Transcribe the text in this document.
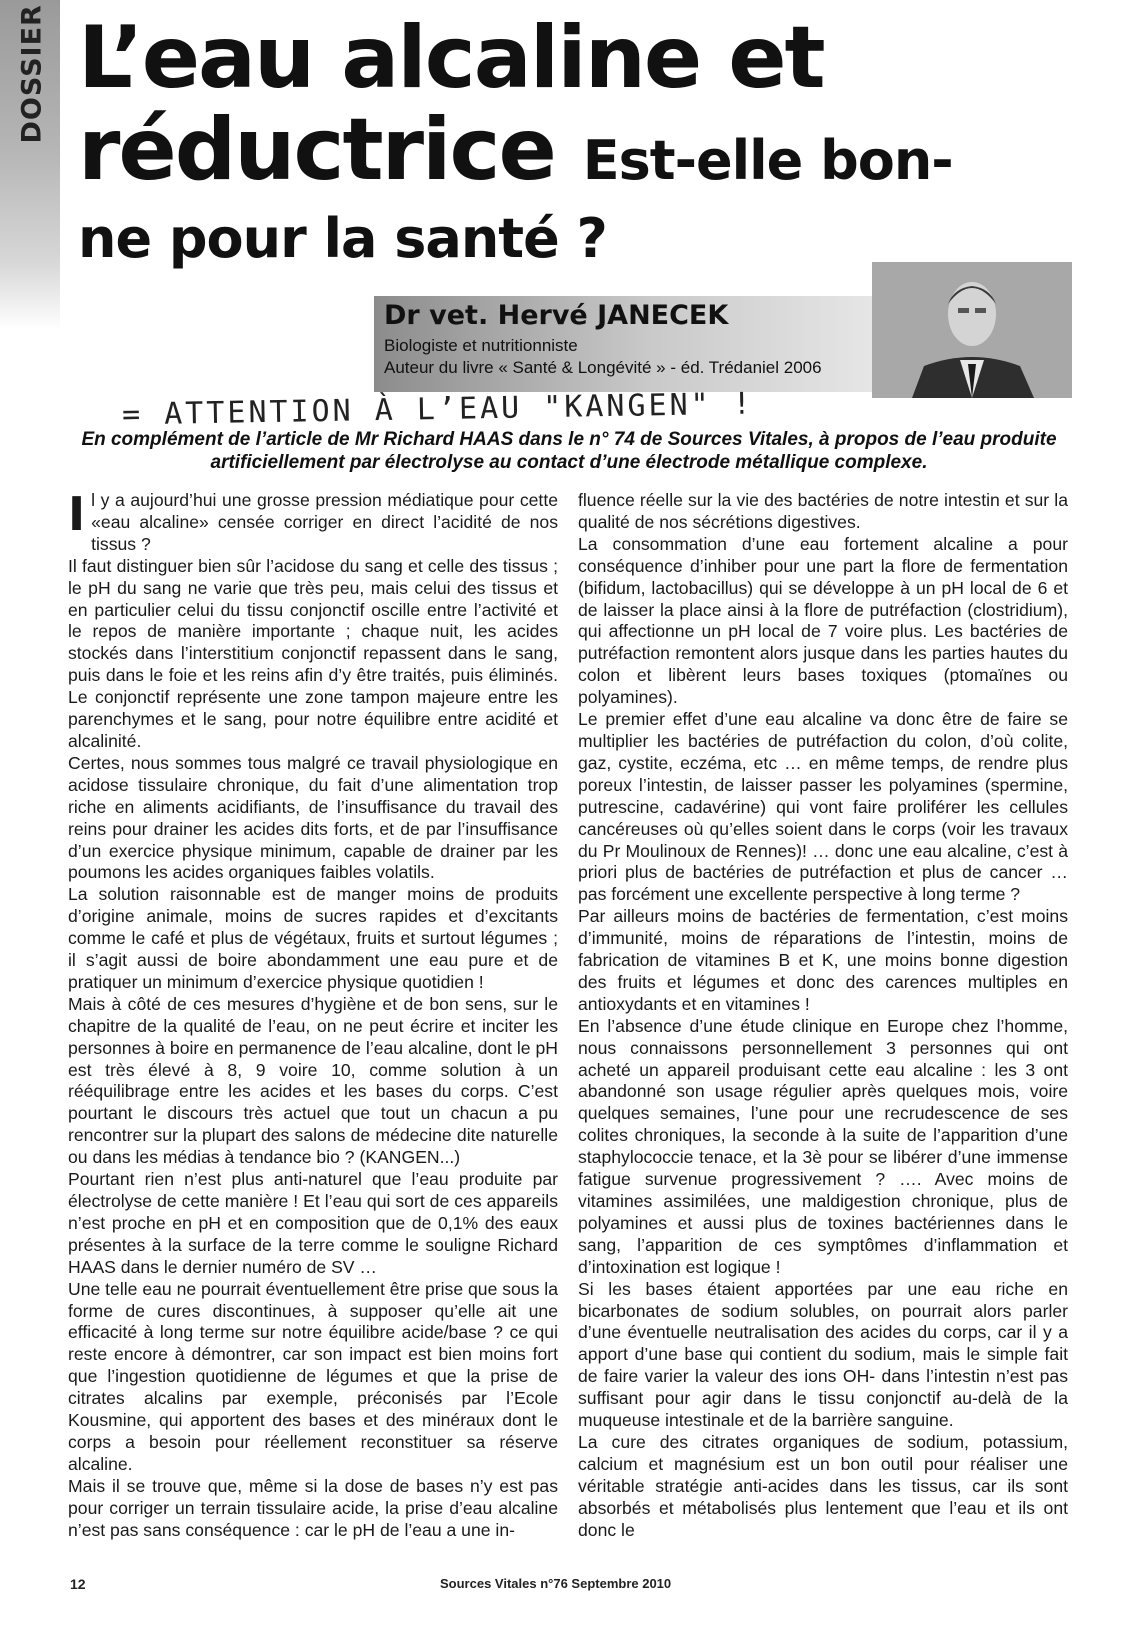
DOSSIER L’eau alcaline et
réductrice Est-elle bon-
ne pour la santé ?
Dr vet. Hervé JANECEK
Biologiste et nutritionniste
Auteur du livre « Santé & Longévité » - éd. Trédaniel 2006
= ATTENTION À L’EAU "KANGEN" !
En complément de l’article de Mr Richard HAAS dans le n° 74 de Sources Vitales, à propos de l’eau produite artificiellement par électrolyse au contact d’une électrode métallique complexe.

Il y a aujourd’hui une grosse pression médiatique pour cette «eau alcaline» censée corriger en direct l’acidité de nos tissus ?

Il faut distinguer bien sûr l’acidose du sang et celle des tissus ; le pH du sang ne varie que très peu, mais celui des tissus et en particulier celui du tissu conjonctif oscille entre l’activité et le repos de manière importante ; chaque nuit, les acides stockés dans l’interstitium conjonctif repassent dans le sang, puis dans le foie et les reins afin d’y être traités, puis éliminés. Le conjonctif représente une zone tampon majeure entre les parenchymes et le sang, pour notre équilibre entre acidité et alcalinité.

Certes, nous sommes tous malgré ce travail physiologique en acidose tissulaire chronique, du fait d’une alimentation trop riche en aliments acidifiants, de l’insuffisance du travail des reins pour drainer les acides dits forts, et de par l’insuffisance d’un exercice physique minimum, capable de drainer par les poumons les acides organiques faibles volatils.

La solution raisonnable est de manger moins de produits d’origine animale, moins de sucres rapides et d’excitants comme le café et plus de végétaux, fruits et surtout légumes ; il s’agit aussi de boire abondamment une eau pure et de pratiquer un minimum d’exercice physique quotidien !

Mais à côté de ces mesures d’hygiène et de bon sens, sur le chapitre de la qualité de l’eau, on ne peut écrire et inciter les personnes à boire en permanence de l’eau alcaline, dont le pH est très élevé à 8, 9 voire 10, comme solution à un rééquilibrage entre les acides et les bases du corps. C’est pourtant le discours très actuel que tout un chacun a pu rencontrer sur la plupart des salons de médecine dite naturelle ou dans les médias à tendance bio ? (KANGEN...)

Pourtant rien n’est plus anti-naturel que l’eau produite par électrolyse de cette manière ! Et l’eau qui sort de ces appareils n’est proche en pH et en composition que de 0,1% des eaux présentes à la surface de la terre comme le souligne Richard HAAS dans le dernier numéro de SV …

Une telle eau ne pourrait éventuellement être prise que sous la forme de cures discontinues, à supposer qu’elle ait une efficacité à long terme sur notre équilibre acide/base ? ce qui reste encore à démontrer, car son impact est bien moins fort que l’ingestion quotidienne de légumes et que la prise de citrates alcalins par exemple, préconisés par l’Ecole Kousmine, qui apportent des bases et des minéraux dont le corps a besoin pour réellement reconstituer sa réserve alcaline.

Mais il se trouve que, même si la dose de bases n’y est pas pour corriger un terrain tissulaire acide, la prise d’eau alcaline n’est pas sans conséquence : car le pH de l’eau a une in-

fluence réelle sur la vie des bactéries de notre intestin et sur la qualité de nos sécrétions digestives.

La consommation d’une eau fortement alcaline a pour conséquence d’inhiber pour une part la flore de fermentation (bifidum, lactobacillus) qui se développe à un pH local de 6 et de laisser la place ainsi à la flore de putréfaction (clostridium), qui affectionne un pH local de 7 voire plus. Les bactéries de putréfaction remontent alors jusque dans les parties hautes du colon et libèrent leurs bases toxiques (ptomaïnes ou polyamines).

Le premier effet d’une eau alcaline va donc être de faire se multiplier les bactéries de putréfaction du colon, d’où colite, gaz, cystite, eczéma, etc … en même temps, de rendre plus poreux l’intestin, de laisser passer les polyamines (spermine, putrescine, cadavérine) qui vont faire proliférer les cellules cancéreuses où qu’elles soient dans le corps (voir les travaux du Pr Moulinoux de Rennes)! … donc une eau alcaline, c’est à priori plus de bactéries de putréfaction et plus de cancer … pas forcément une excellente perspective à long terme ?

Par ailleurs moins de bactéries de fermentation, c’est moins d’immunité, moins de réparations de l’intestin, moins de fabrication de vitamines B et K, une moins bonne digestion des fruits et légumes et donc des carences multiples en antioxydants et en vitamines !

En l’absence d’une étude clinique en Europe chez l’homme, nous connaissons personnellement 3 personnes qui ont acheté un appareil produisant cette eau alcaline : les 3 ont abandonné son usage régulier après quelques mois, voire quelques semaines, l’une pour une recrudescence de ses colites chroniques, la seconde à la suite de l’apparition d’une staphylococcie tenace, et la 3è pour se libérer d’une immense fatigue survenue progressivement ? …. Avec moins de vitamines assimilées, une maldigestion chronique, plus de polyamines et aussi plus de toxines bactériennes dans le sang, l’apparition de ces symptômes d’inflammation et d’intoxination est logique !

Si les bases étaient apportées par une eau riche en bicarbonates de sodium solubles, on pourrait alors parler d’une éventuelle neutralisation des acides du corps, car il y a apport d’une base qui contient du sodium, mais le simple fait de faire varier la valeur des ions OH- dans l’intestin n’est pas suffisant pour agir dans le tissu conjonctif au-delà de la muqueuse intestinale et de la barrière sanguine.

La cure des citrates organiques de sodium, potassium, calcium et magnésium est un bon outil pour réaliser une véritable stratégie anti-acides dans les tissus, car ils sont absorbés et métabolisés plus lentement que l’eau et ils ont donc le

12	Sources Vitales n°76 Septembre 2010
